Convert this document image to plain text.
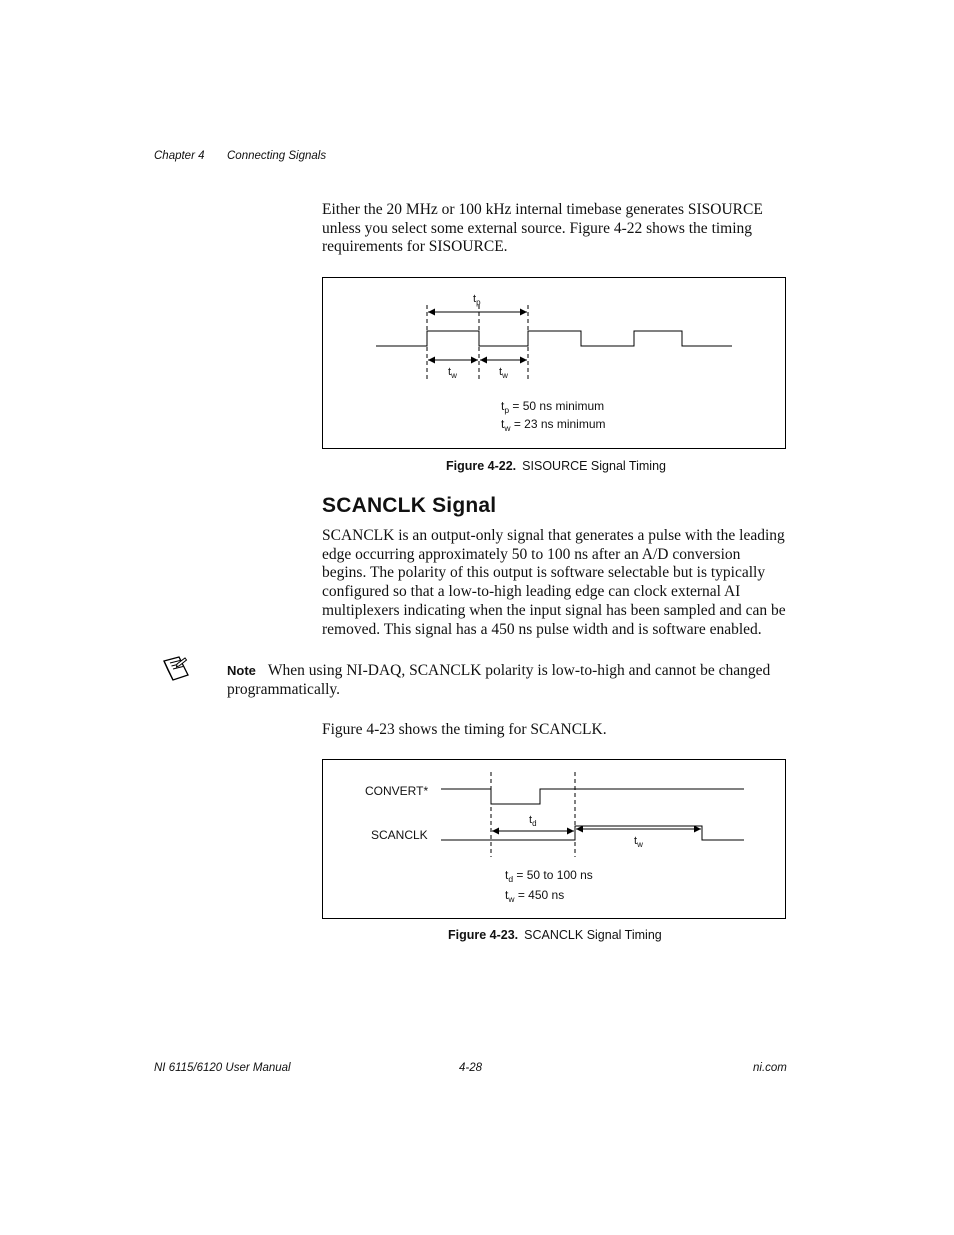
Chapter 4 Connecting Signals
Either the 20 MHz or 100 kHz internal timebase generates SISOURCE unless you select some external source. Figure 4-22 shows the timing requirements for SISOURCE.
$t_p$
$t_w$	$t_w$
$t_p = 50$ ns minimum
$t_w = 23$ ns minimum
Figure 4-22. SISOURCE Signal Timing
SCANCLK Signal
SCANCLK is an output-only signal that generates a pulse with the leading edge occurring approximately 50 to 100 ns after an A/D conversion begins. The polarity of this output is software selectable but is typically configured so that a low-to-high leading edge can clock external AI multiplexers indicating when the input signal has been sampled and can be removed. This signal has a 450 ns pulse width and is software enabled.
Note When using NI-DAQ, SCANCLK polarity is low-to-high and cannot be changed programmatically.
Figure 4-23 shows the timing for SCANCLK.
CONVERT*
SCANCLK
$t_d$
$t_w$
$t_d = 50$ to 100 ns
$t_w = 450$ ns
Figure 4-23. SCANCLK Signal Timing
NI 6115/6120 User Manual	4-28	ni.com
